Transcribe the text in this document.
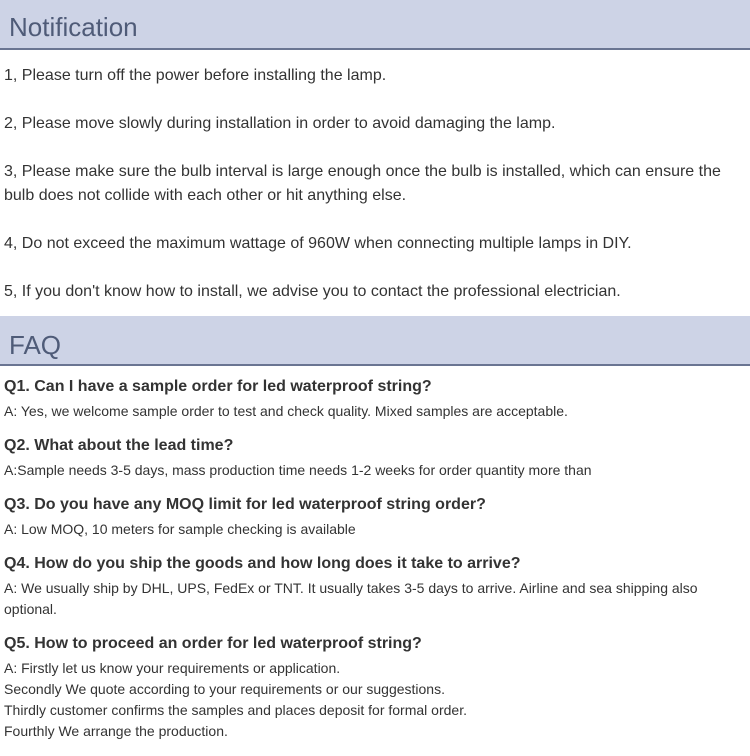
Notification

1, Please turn off the power before installing the lamp.

2, Please move slowly during installation in order to avoid damaging the lamp.

3, Please make sure the bulb interval is large enough once the bulb is installed, which can ensure the bulb does not collide with each other or hit anything else.

4, Do not exceed the maximum wattage of 960W when connecting multiple lamps in DIY.

5, If you don't know how to install, we advise you to contact the professional electrician.

FAQ

Q1. Can I have a sample order for led waterproof string?

A: Yes, we welcome sample order to test and check quality. Mixed samples are acceptable.

Q2. What about the lead time?

A:Sample needs 3-5 days, mass production time needs 1-2 weeks for order quantity more than

Q3. Do you have any MOQ limit for led waterproof string order?

A: Low MOQ, 10 meters for sample checking is available

Q4. How do you ship the goods and how long does it take to arrive?

A: We usually ship by DHL, UPS, FedEx or TNT. It usually takes 3-5 days to arrive. Airline and sea shipping also optional.

Q5. How to proceed an order for led waterproof string?

A: Firstly let us know your requirements or application.
Secondly We quote according to your requirements or our suggestions.
Thirdly customer confirms the samples and places deposit for formal order.
Fourthly We arrange the production.
